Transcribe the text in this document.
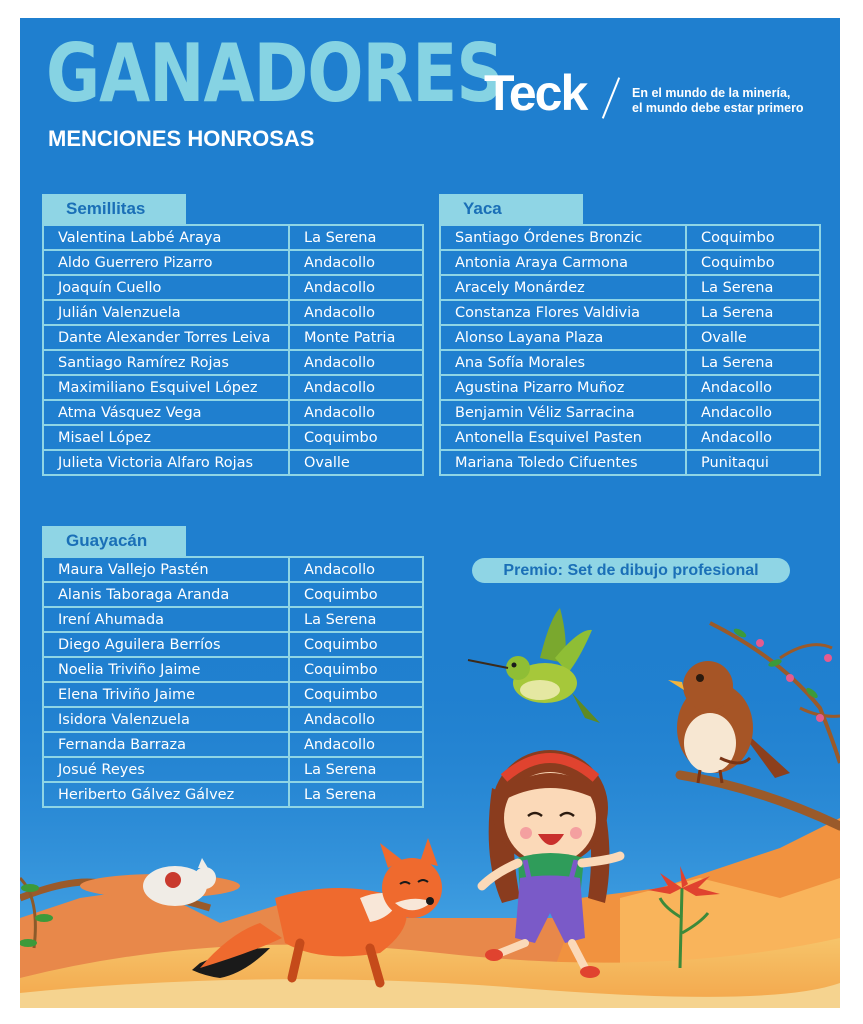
GANADORES
MENCIONES HONROSAS
Teck	En el mundo de la minería,
el mundo debe estar primero
Semillitas
Valentina Labbé Araya	La Serena
Aldo Guerrero Pizarro	Andacollo
Joaquín Cuello	Andacollo
Julián Valenzuela	Andacollo
Dante Alexander Torres Leiva	Monte Patria
Santiago Ramírez Rojas	Andacollo
Maximiliano Esquivel López	Andacollo
Atma Vásquez Vega	Andacollo
Misael López	Coquimbo
Julieta Victoria Alfaro Rojas	Ovalle
Yaca
Santiago Órdenes Bronzic	Coquimbo
Antonia Araya Carmona	Coquimbo
Aracely Monárdez	La Serena
Constanza Flores Valdivia	La Serena
Alonso Layana Plaza	Ovalle
Ana Sofía Morales	La Serena
Agustina Pizarro Muñoz	Andacollo
Benjamin Véliz Sarracina	Andacollo
Antonella Esquivel Pasten	Andacollo
Mariana Toledo Cifuentes	Punitaqui
Guayacán
Maura Vallejo Pastén	Andacollo
Alanis Taboraga Aranda	Coquimbo
Irení Ahumada	La Serena
Diego Aguilera Berríos	Coquimbo
Noelia Triviño Jaime	Coquimbo
Elena Triviño Jaime	Coquimbo
Isidora Valenzuela	Andacollo
Fernanda Barraza	Andacollo
Josué Reyes	La Serena
Heriberto Gálvez Gálvez	La Serena
Premio: Set de dibujo profesional
